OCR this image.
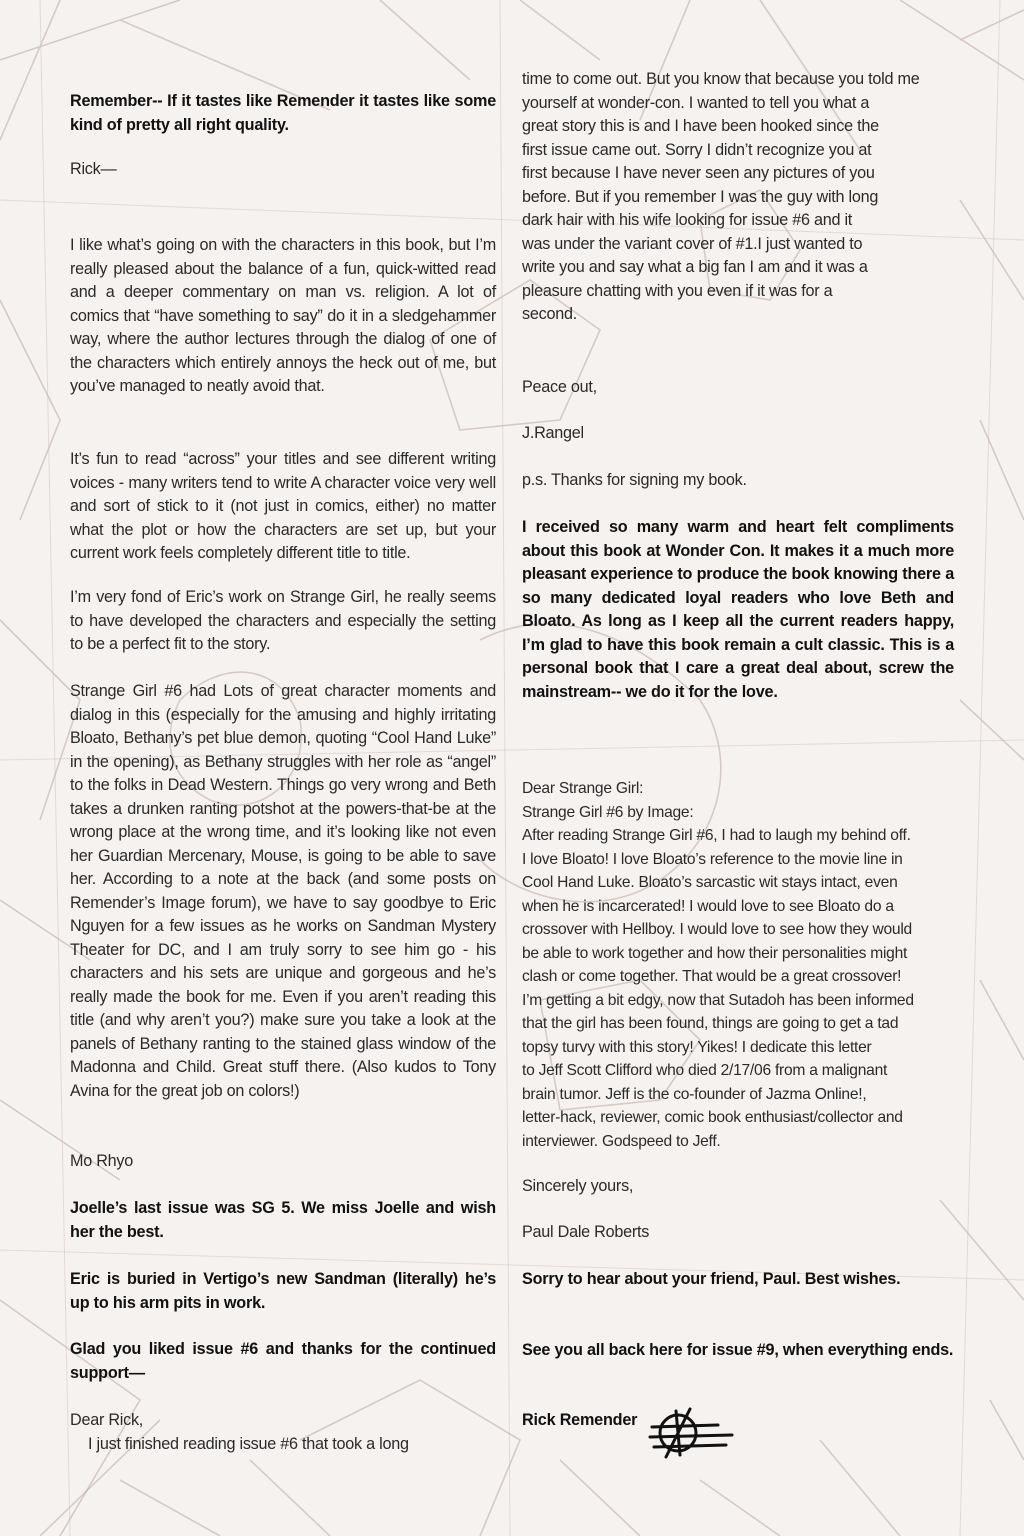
Remember-- If it tastes like Remender it tastes like some kind of pretty all right quality.
Rick—
I like what’s going on with the characters in this book, but I’m really pleased about the balance of a fun, quick-witted read and a deeper commentary on man vs. religion. A lot of comics that “have something to say” do it in a sledgehammer way, where the author lectures through the dialog of one of the characters which entirely annoys the heck out of me, but you’ve managed to neatly avoid that.
It’s fun to read “across” your titles and see different writing voices - many writers tend to write A character voice very well and sort of stick to it (not just in comics, either) no matter what the plot or how the characters are set up, but your current work feels completely different title to title.
I’m very fond of Eric’s work on Strange Girl, he really seems to have developed the characters and especially the setting to be a perfect fit to the story.
Strange Girl #6 had Lots of great character moments and dialog in this (especially for the amusing and highly irritating Bloato, Bethany’s pet blue demon, quoting “Cool Hand Luke” in the opening), as Bethany struggles with her role as “angel” to the folks in Dead Western. Things go very wrong and Beth takes a drunken ranting potshot at the powers-that-be at the wrong place at the wrong time, and it’s looking like not even her Guardian Mercenary, Mouse, is going to be able to save her. According to a note at the back (and some posts on Remender’s Image forum), we have to say goodbye to Eric Nguyen for a few issues as he works on Sandman Mystery Theater for DC, and I am truly sorry to see him go - his characters and his sets are unique and gorgeous and he’s really made the book for me. Even if you aren’t reading this title (and why aren’t you?) make sure you take a look at the panels of Bethany ranting to the stained glass window of the Madonna and Child. Great stuff there. (Also kudos to Tony Avina for the great job on colors!)
Mo Rhyo
Joelle’s last issue was SG 5. We miss Joelle and wish her the best.
Eric is buried in Vertigo’s new Sandman (literally) he’s up to his arm pits in work.
Glad you liked issue #6 and thanks for the continued support—
Dear Rick,
I just finished reading issue #6 that took a long
time to come out. But you know that because you told me
yourself at wonder-con. I wanted to tell you what a
great story this is and I have been hooked since the
first issue came out. Sorry I didn’t recognize you at
first because I have never seen any pictures of you
before. But if you remember I was the guy with long
dark hair with his wife looking for issue #6 and it
was under the variant cover of #1.I just wanted to
write you and say what a big fan I am and it was a
pleasure chatting with you even if it was for a
second.
Peace out,
J.Rangel
p.s. Thanks for signing my book.
I received so many warm and heart felt compliments about this book at Wonder Con. It makes it a much more pleasant experience to produce the book knowing there a so many dedicated loyal readers who love Beth and Bloato. As long as I keep all the current readers happy, I’m glad to have this book remain a cult classic. This is a personal book that I care a great deal about, screw the mainstream-- we do it for the love.
Dear Strange Girl:
Strange Girl #6 by Image:
After reading Strange Girl #6, I had to laugh my behind off.
I love Bloato! I love Bloato’s reference to the movie line in
Cool Hand Luke. Bloato’s sarcastic wit stays intact, even
when he is incarcerated! I would love to see Bloato do a
crossover with Hellboy. I would love to see how they would
be able to work together and how their personalities might
clash or come together. That would be a great crossover!
I’m getting a bit edgy, now that Sutadoh has been informed
that the girl has been found, things are going to get a tad
topsy turvy with this story! Yikes! I dedicate this letter
to Jeff Scott Clifford who died 2/17/06 from a malignant
brain tumor. Jeff is the co-founder of Jazma Online!,
letter-hack, reviewer, comic book enthusiast/collector and
interviewer. Godspeed to Jeff.
Sincerely yours,
Paul Dale Roberts
Sorry to hear about your friend, Paul. Best wishes.
See you all back here for issue #9, when everything ends.
Rick Remender
